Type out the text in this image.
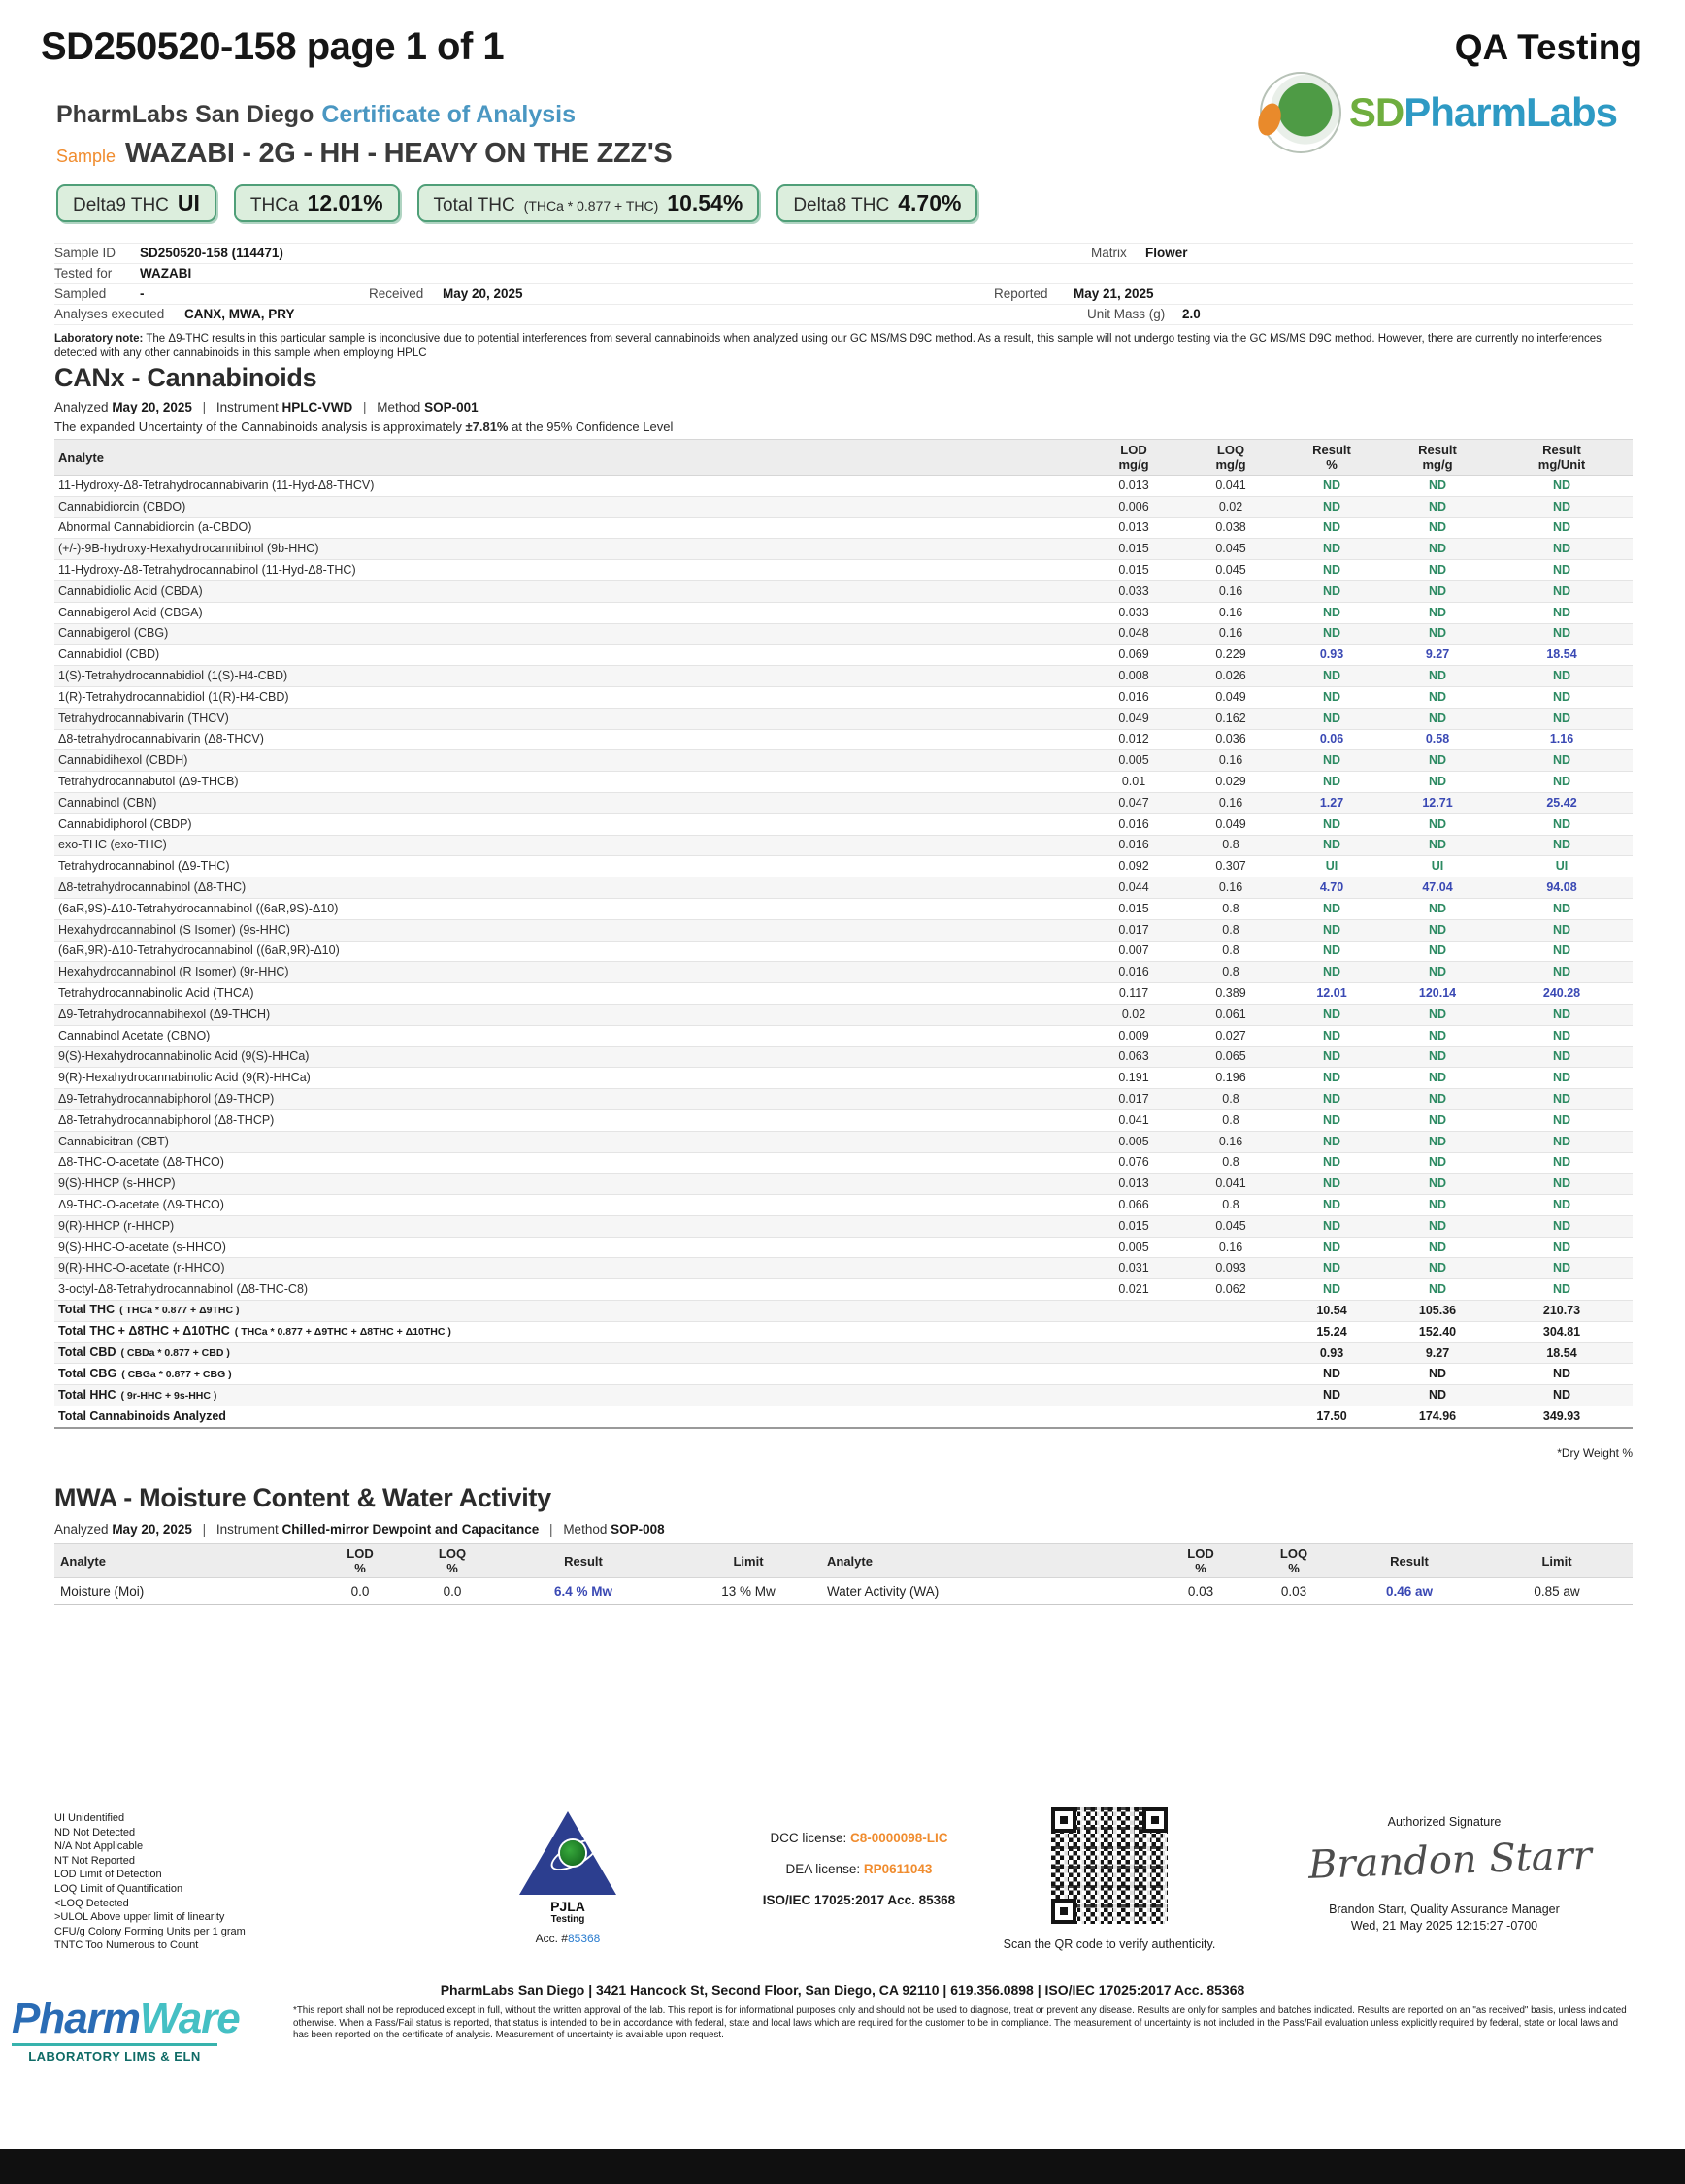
SD250520-158 page 1 of 1	QA Testing
PharmLabs San Diego Certificate of Analysis	SDPharmLabs
Sample WAZABI - 2G - HH - HEAVY ON THE ZZZ'S
Delta9 THC UI	THCa 12.01%	Total THC (THCa * 0.877 + THC) 10.54%	Delta8 THC 4.70%
Sample ID SD250520-158 (114471)	Matrix Flower
Tested for WAZABI
Sampled	-	Received May 20, 2025	Reported May 21, 2025
Analyses executed CANX, MWA, PRY	Unit Mass (g) 2.0
Laboratory note: The Δ9-THC results in this particular sample is inconclusive due to potential interferences from several cannabinoids when analyzed using our GC MS/MS D9C method. As a result, this sample will not undergo testing via the GC MS/MS D9C method. However, there are currently no interferences detected with any other cannabinoids in this sample when employing HPLC
CANx - Cannabinoids
Analyzed May 20, 2025 | Instrument HPLC-VWD | Method SOP-001
The expanded Uncertainty of the Cannabinoids analysis is approximately ±7.81% at the 95% Confidence Level
Analyte	LOD
mg/g

LOQ
mg/g

Result
%

Result
mg/g

Result
mg/Unit

11-Hydroxy-Δ8-Tetrahydrocannabivarin (11-Hyd-Δ8-THCV)	0.013	0.041	ND	ND	ND
Cannabidiorcin (CBDO)	0.006	0.02	ND	ND	ND
Abnormal Cannabidiorcin (a-CBDO)	0.013	0.038	ND	ND	ND
(+/-)-9B-hydroxy-Hexahydrocannibinol (9b-HHC)	0.015	0.045	ND	ND	ND
11-Hydroxy-Δ8-Tetrahydrocannabinol (11-Hyd-Δ8-THC)	0.015	0.045	ND	ND	ND
Cannabidiolic Acid (CBDA)	0.033	0.16	ND	ND	ND
Cannabigerol Acid (CBGA)	0.033	0.16	ND	ND	ND
Cannabigerol (CBG)	0.048	0.16	ND	ND	ND
Cannabidiol (CBD)	0.069	0.229	0.93	9.27	18.54
1(S)-Tetrahydrocannabidiol (1(S)-H4-CBD)	0.008	0.026	ND	ND	ND
1(R)-Tetrahydrocannabidiol (1(R)-H4-CBD)	0.016	0.049	ND	ND	ND
Tetrahydrocannabivarin (THCV)	0.049	0.162	ND	ND	ND
Δ8-tetrahydrocannabivarin (Δ8-THCV)	0.012	0.036	0.06	0.58	1.16
Cannabidihexol (CBDH)	0.005	0.16	ND	ND	ND
Tetrahydrocannabutol (Δ9-THCB)	0.01	0.029	ND	ND	ND
Cannabinol (CBN)	0.047	0.16	1.27	12.71	25.42
Cannabidiphorol (CBDP)	0.016	0.049	ND	ND	ND
exo-THC (exo-THC)	0.016	0.8	ND	ND	ND
Tetrahydrocannabinol (Δ9-THC)	0.092	0.307	UI	UI	UI
Δ8-tetrahydrocannabinol (Δ8-THC)	0.044	0.16	4.70	47.04	94.08
(6aR,9S)-Δ10-Tetrahydrocannabinol ((6aR,9S)-Δ10)	0.015	0.8	ND	ND	ND
Hexahydrocannabinol (S Isomer) (9s-HHC)	0.017	0.8	ND	ND	ND
(6aR,9R)-Δ10-Tetrahydrocannabinol ((6aR,9R)-Δ10)	0.007	0.8	ND	ND	ND
Hexahydrocannabinol (R Isomer) (9r-HHC)	0.016	0.8	ND	ND	ND
Tetrahydrocannabinolic Acid (THCA)	0.117	0.389	12.01	120.14	240.28
Δ9-Tetrahydrocannabihexol (Δ9-THCH)	0.02	0.061	ND	ND	ND
Cannabinol Acetate (CBNO)	0.009	0.027	ND	ND	ND
9(S)-Hexahydrocannabinolic Acid (9(S)-HHCa)	0.063	0.065	ND	ND	ND
9(R)-Hexahydrocannabinolic Acid (9(R)-HHCa)	0.191	0.196	ND	ND	ND
Δ9-Tetrahydrocannabiphorol (Δ9-THCP)	0.017	0.8	ND	ND	ND
Δ8-Tetrahydrocannabiphorol (Δ8-THCP)	0.041	0.8	ND	ND	ND
Cannabicitran (CBT)	0.005	0.16	ND	ND	ND
Δ8-THC-O-acetate (Δ8-THCO)	0.076	0.8	ND	ND	ND
9(S)-HHCP (s-HHCP)	0.013	0.041	ND	ND	ND
Δ9-THC-O-acetate (Δ9-THCO)	0.066	0.8	ND	ND	ND
9(R)-HHCP (r-HHCP)	0.015	0.045	ND	ND	ND
9(S)-HHC-O-acetate (s-HHCO)	0.005	0.16	ND	ND	ND
9(R)-HHC-O-acetate (r-HHCO)	0.031	0.093	ND	ND	ND
3-octyl-Δ8-Tetrahydrocannabinol (Δ8-THC-C8)	0.021	0.062	ND	ND	ND
Total THC ( THCa * 0.877 + Δ9THC )			10.54	105.36	210.73
Total THC + Δ8THC + Δ10THC ( THCa * 0.877 + Δ9THC + Δ8THC + Δ10THC )			15.24	152.40	304.81
Total CBD ( CBDa * 0.877 + CBD )			0.93	9.27	18.54
Total CBG ( CBGa * 0.877 + CBG )			ND	ND	ND
Total HHC ( 9r-HHC + 9s-HHC )			ND	ND	ND
Total Cannabinoids Analyzed			17.50	174.96	349.93
*Dry Weight %
MWA - Moisture Content & Water Activity
Analyzed May 20, 2025 | Instrument Chilled-mirror Dewpoint and Capacitance | Method SOP-008
Analyte	LOD
%

LOQ
%	Result	Limit	Analyte	LOD
%

LOQ
%	Result	Limit

Moisture (Moi)	0.0	0.0	6.4 % Mw	13 % Mw	Water Activity (WA)	0.03	0.03	0.46 aw	0.85 aw
UI Unidentified
ND Not Detected
N/A Not Applicable
NT Not Reported
LOD Limit of Detection
LOQ Limit of Quantification
<LOQ Detected
>ULOL Above upper limit of linearity
CFU/g Colony Forming Units per 1 gram
TNTC Too Numerous to Count
PJLA
Testing
Acc. #85368
DCC license: C8-0000098-LIC
DEA license: RP0611043
ISO/IEC 17025:2017 Acc. 85368
Scan the QR code to verify authenticity.
Authorized Signature
Brandon Starr
Brandon Starr, Quality Assurance Manager
Wed, 21 May 2025 12:15:27 -0700
PharmLabs San Diego | 3421 Hancock St, Second Floor, San Diego, CA 92110 | 619.356.0898 | ISO/IEC 17025:2017 Acc. 85368
*This report shall not be reproduced except in full, without the written approval of the lab. This report is for informational purposes only and should not be used to diagnose, treat or prevent any disease. Results are only for samples and batches indicated. Results are reported on an "as received" basis, unless indicated otherwise. When a Pass/Fail status is reported, that status is intended to be in accordance with federal, state and local laws which are required for the customer to be in compliance. The measurement of uncertainty is not included in the Pass/Fail evaluation unless explicitly required by federal, state or local laws and has been reported on the certificate of analysis. Measurement of uncertainty is available upon request.
PharmWare
LABORATORY LIMS & ELN
